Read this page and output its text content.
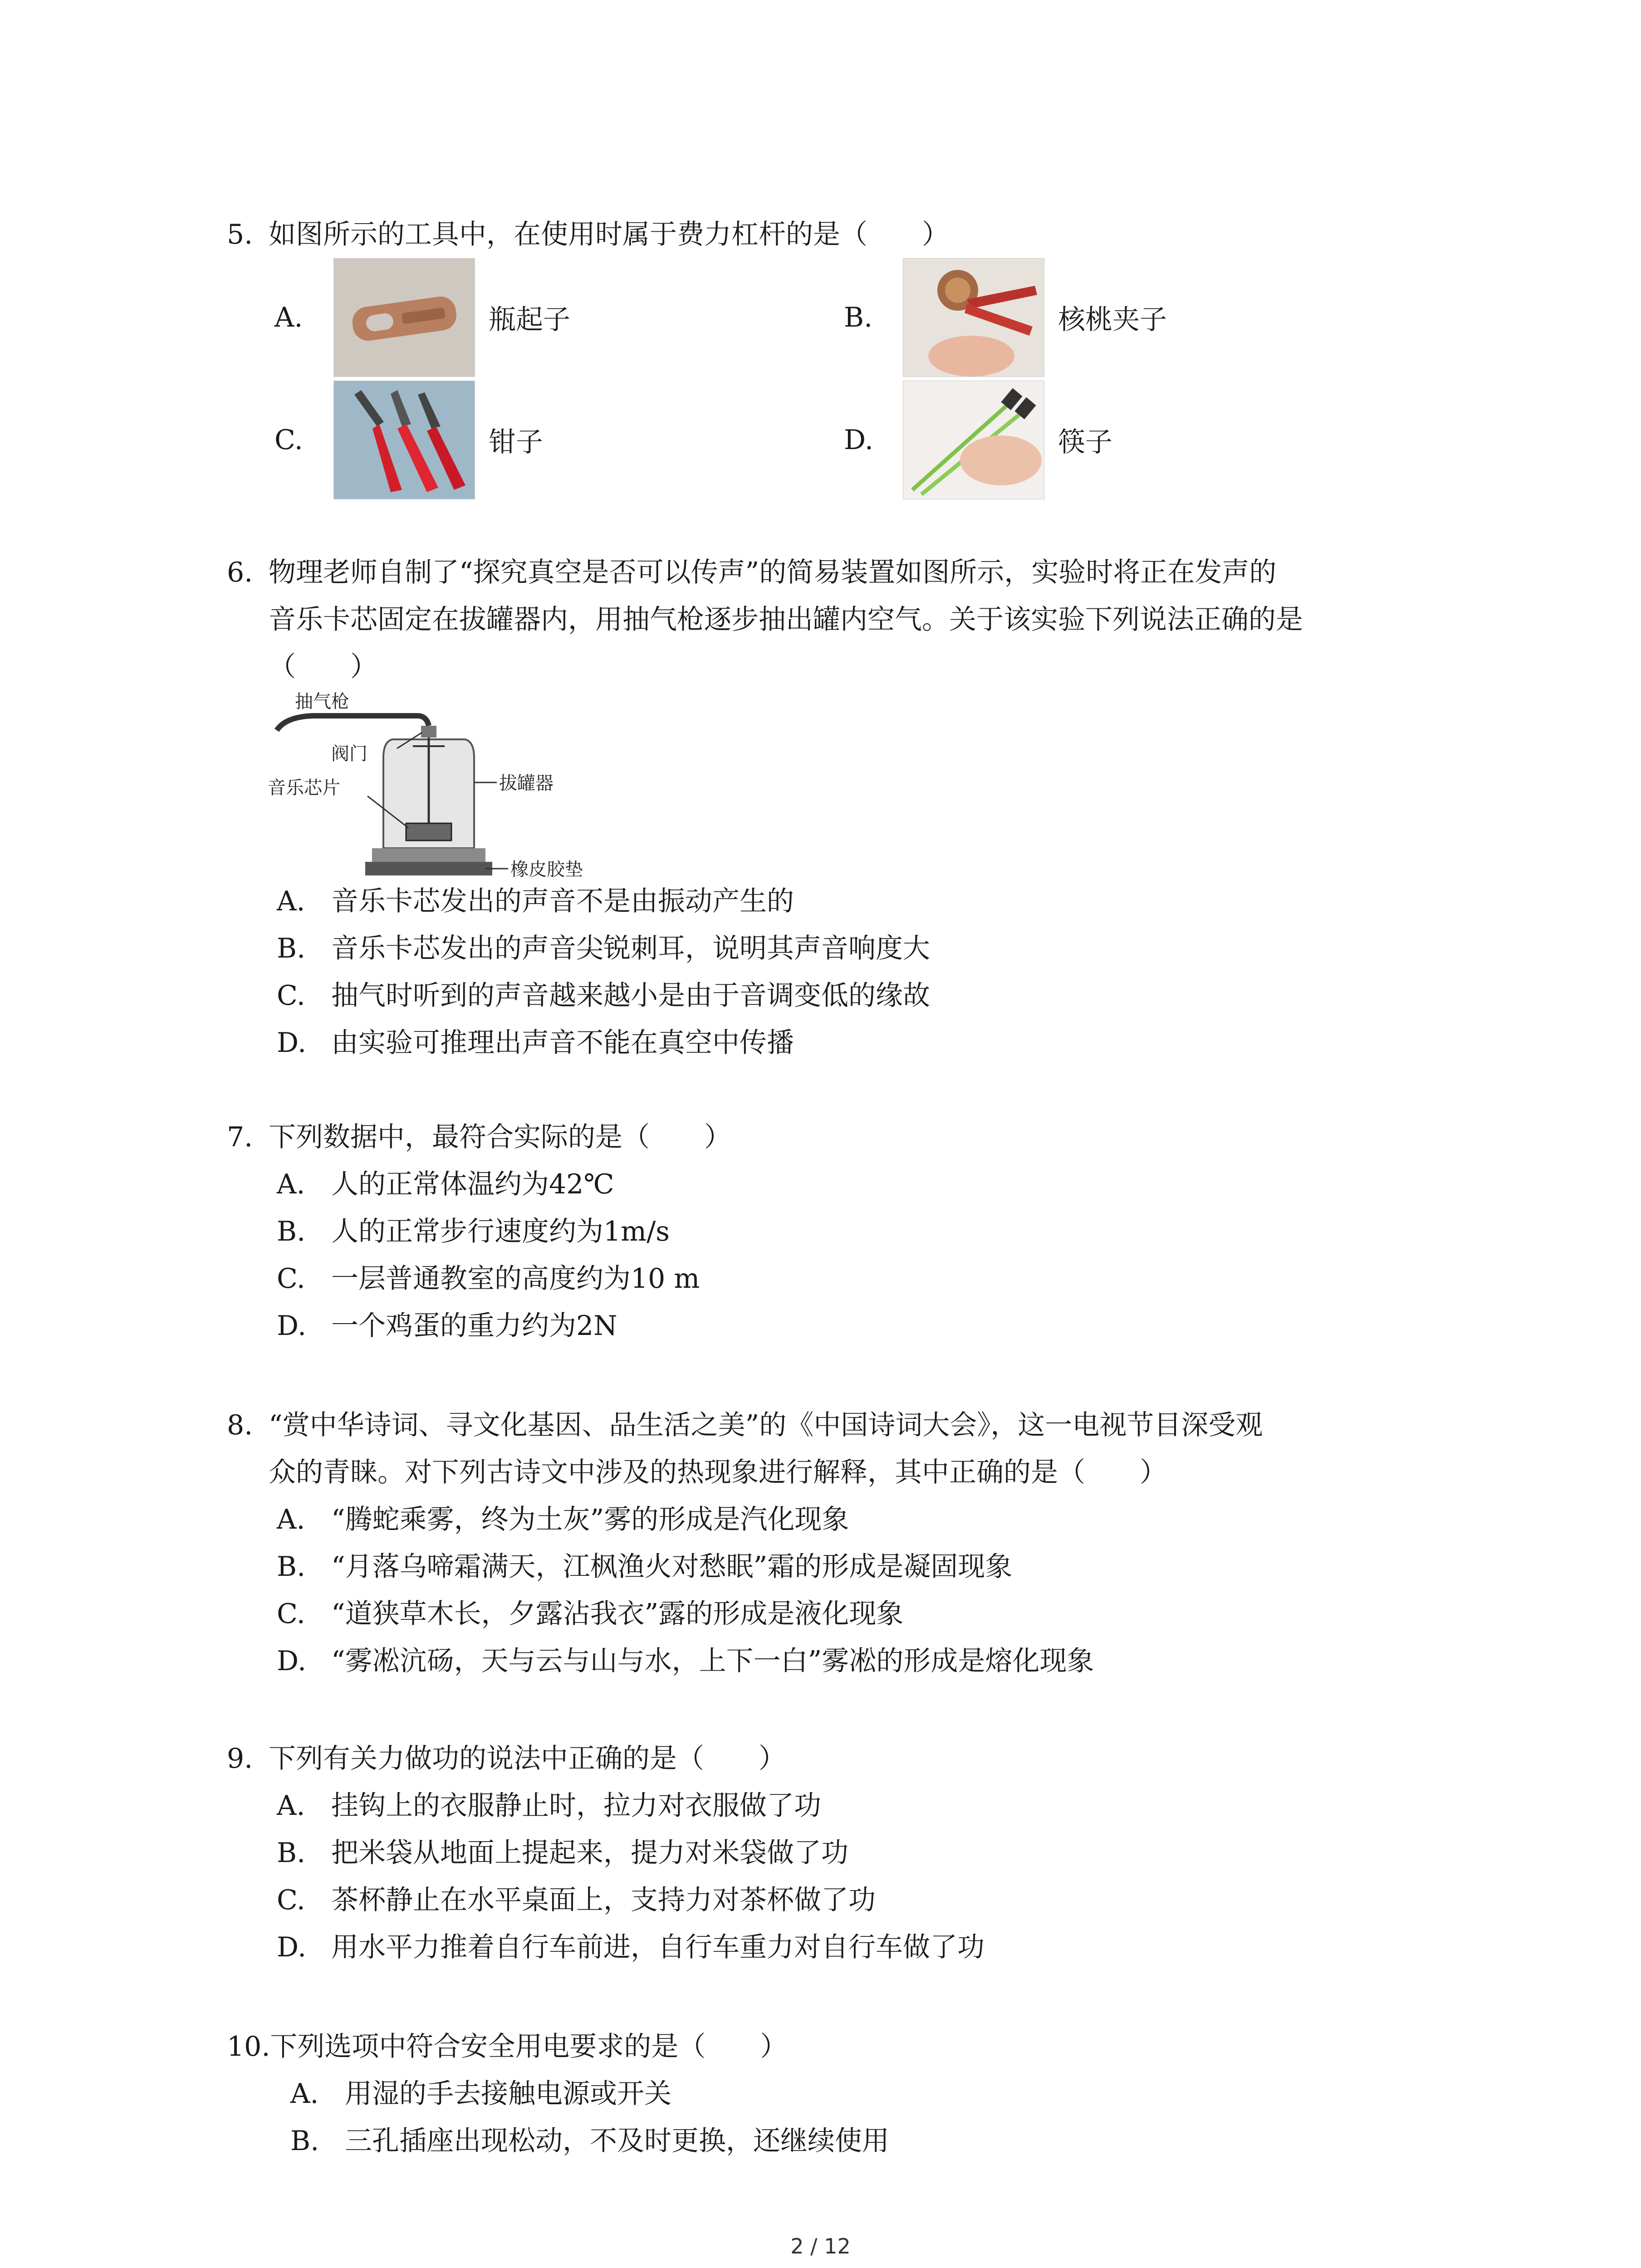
5. 如图所示的工具中，在使用时属于费力杠杆的是（　　）
A.	瓶起子	B.	核桃夹子
C.	钳子	D.	筷子
6. 物理老师自制了“探究真空是否可以传声”的简易装置如图所示，实验时将正在发声的
音乐卡芯固定在拔罐器内，用抽气枪逐步抽出罐内空气。关于该实验下列说法正确的是
（　　）
抽气枪
阀门
音乐芯片	拔罐器
橡皮胶垫
A. 音乐卡芯发出的声音不是由振动产生的
B. 音乐卡芯发出的声音尖锐刺耳，说明其声音响度大
C. 抽气时听到的声音越来越小是由于音调变低的缘故
D. 由实验可推理出声音不能在真空中传播
7. 下列数据中，最符合实际的是（　　）
A. 人的正常体温约为42℃
B. 人的正常步行速度约为1m/s
C. 一层普通教室的高度约为10 m
D. 一个鸡蛋的重力约为2N
8. “赏中华诗词、寻文化基因、品生活之美”的《中国诗词大会》，这一电视节目深受观
众的青睐。对下列古诗文中涉及的热现象进行解释，其中正确的是（　　）
A. “腾蛇乘雾，终为土灰”雾的形成是汽化现象
B. “月落乌啼霜满天，江枫渔火对愁眠”霜的形成是凝固现象
C. “道狭草木长，夕露沾我衣”露的形成是液化现象
D. “雾凇沆砀，天与云与山与水，上下一白”雾凇的形成是熔化现象
9. 下列有关力做功的说法中正确的是（　　）
A. 挂钩上的衣服静止时，拉力对衣服做了功
B. 把米袋从地面上提起来，提力对米袋做了功
C. 茶杯静止在水平桌面上，支持力对茶杯做了功
D. 用水平力推着自行车前进，自行车重力对自行车做了功
10.下列选项中符合安全用电要求的是（　　）
A. 用湿的手去接触电源或开关
B. 三孔插座出现松动，不及时更换，还继续使用
2 / 12
